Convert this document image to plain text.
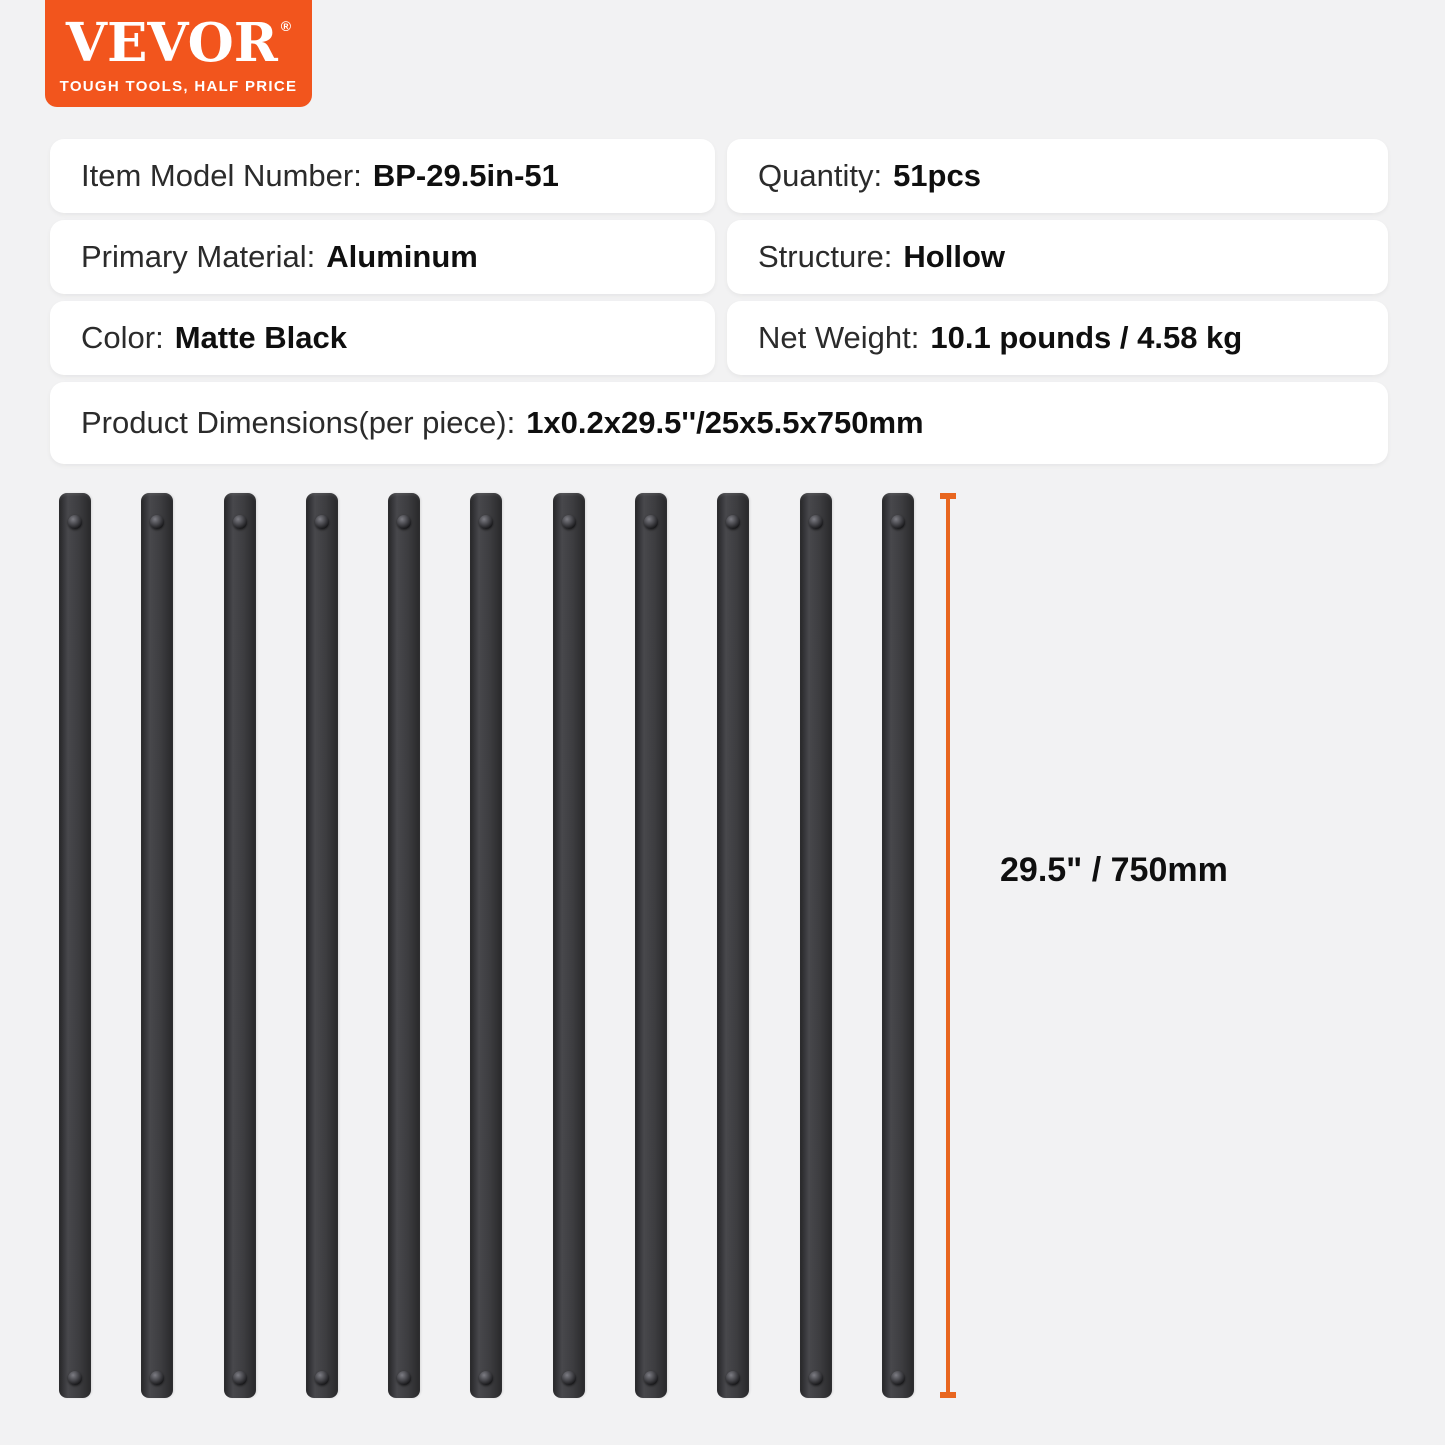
VEVOR ®
TOUGH TOOLS, HALF PRICE
Item Model Number: BP-29.5in-51	Quantity: 51pcs
Primary Material: Aluminum	Structure: Hollow
Color: Matte Black	Net Weight: 10.1 pounds / 4.58 kg
Product Dimensions(per piece): 1x0.2x29.5''/25x5.5x750mm
29.5" / 750mm
